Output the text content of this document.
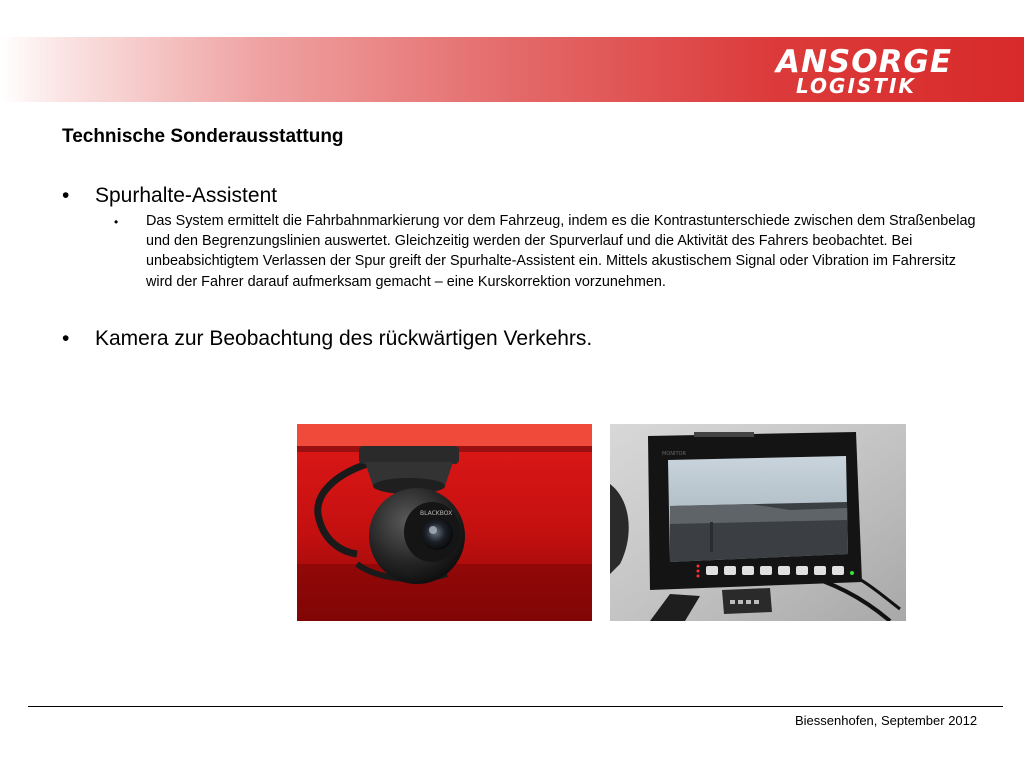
ANSORGE
LOGISTIK
Technische Sonderausstattung
• Spurhalte-Assistent
• Das System ermittelt die Fahrbahnmarkierung vor dem Fahrzeug, indem es die Kontrastunterschiede zwischen dem Straßenbelag und den Begrenzungslinien auswertet. Gleichzeitig werden der Spurverlauf und die Aktivität des Fahrers beobachtet. Bei unbeabsichtigtem Verlassen der Spur greift der Spurhalte-Assistent ein. Mittels akustischem Signal oder Vibration im Fahrersitz wird der Fahrer darauf aufmerksam gemacht – eine Kurskorrektion vorzunehmen.
• Kamera zur Beobachtung des rückwärtigen Verkehrs.
BLACKBOX
MONITOR
Biessenhofen, September 2012
